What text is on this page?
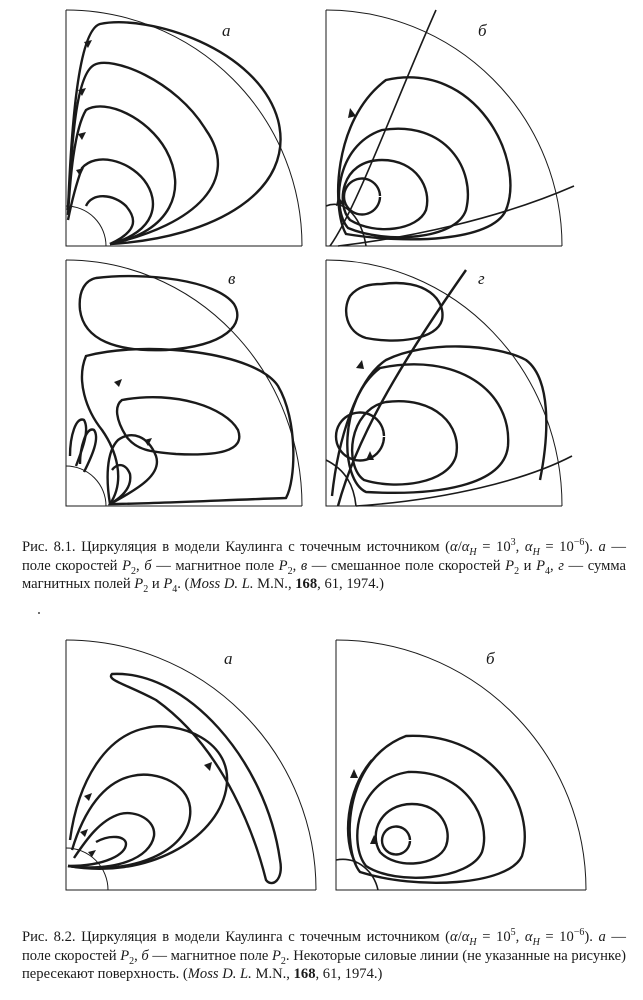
а	б
в	г
Рис. 8.1. Циркуляция в модели Каулинга с точечным источником ($\alpha/\alpha_H = 10^3$, $\alpha_H = 10^{-6}$). а — поле скоростей $P_2$, б — магнитное поле $P_2$, в — смешанное поле скоростей $P_2$ и $P_4$, г — сумма магнитных полей $P_2$ и $P_4$. (Moss D. L. M.N., 168, 61, 1974.)
а	б
Рис. 8.2. Циркуляция в модели Каулинга с точечным источником ($\alpha/\alpha_H = 10^5$, $\alpha_H = 10^{-6}$). а — поле скоростей $P_2$, б — магнитное поле $P_2$. Некоторые силовые линии (не указанные на рисунке) пересекают поверхность. (Moss D. L. M.N., 168, 61, 1974.)
